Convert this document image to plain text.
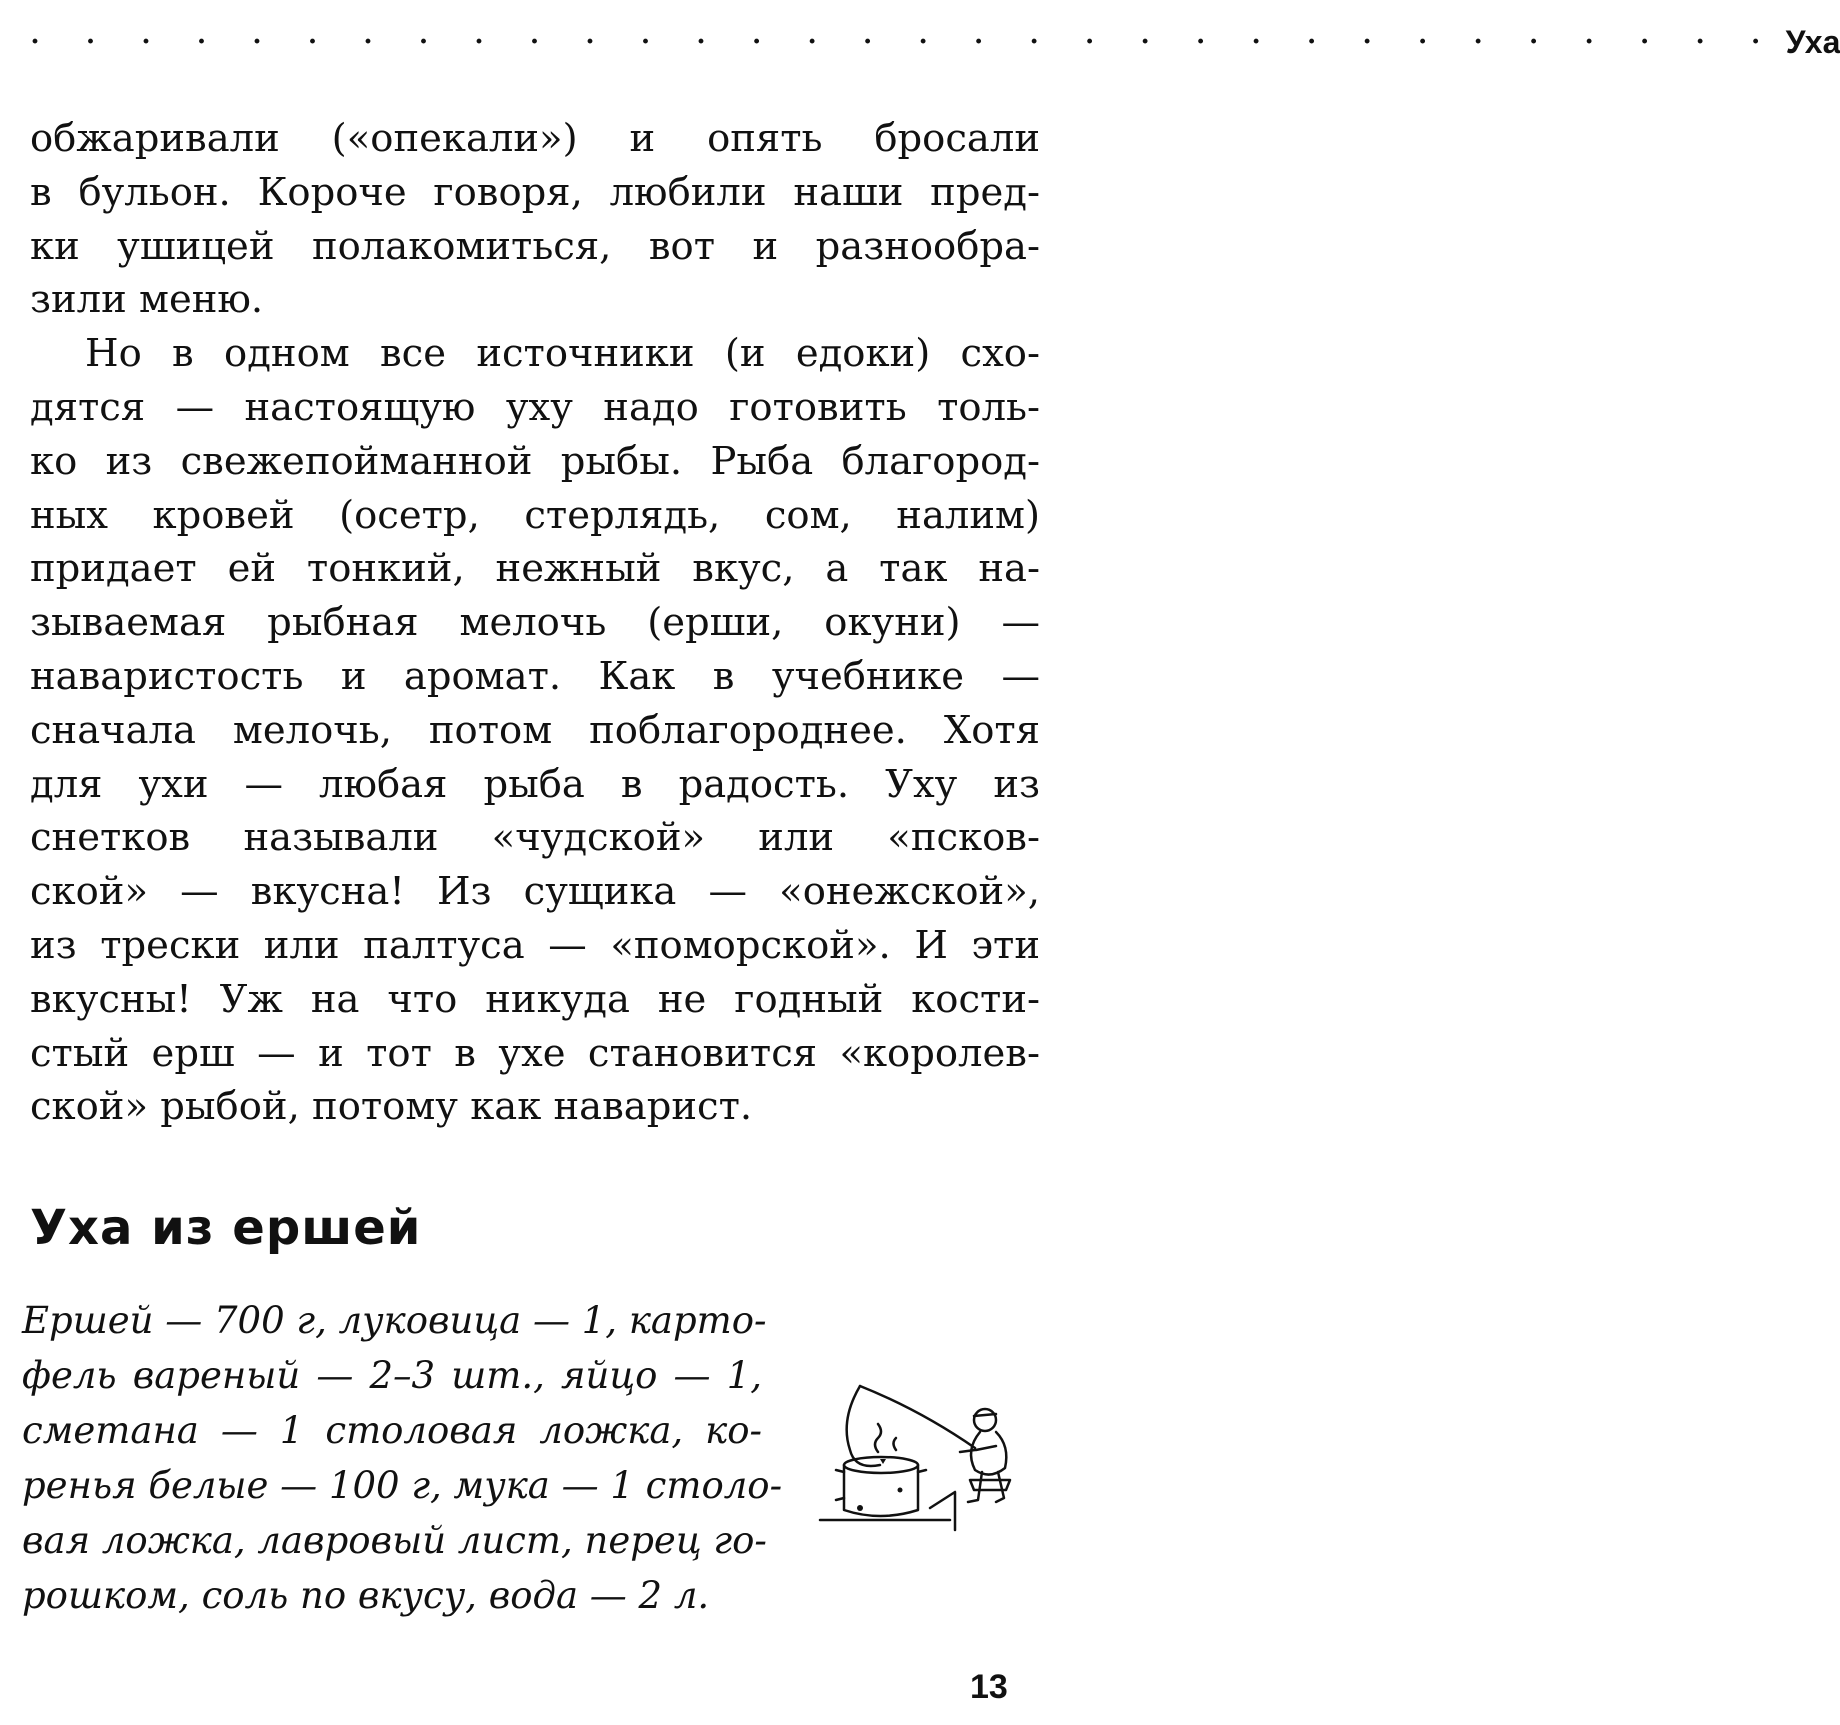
· · · · · · · · · · · · · · · · · · · · · · · · · · · · · · · · Уха
обжаривали («опекали») и опять бросали
в бульон. Короче говоря, любили наши пред-
ки ушицей полакомиться, вот и разнообра-
зили меню.
Но в одном все источники (и едоки) схо-
дятся — настоящую уху надо готовить толь-
ко из свежепойманной рыбы. Рыба благород-
ных кровей (осетр, стерлядь, сом, налим)
придает ей тонкий, нежный вкус, а так на-
зываемая рыбная мелочь (ерши, окуни) —
наваристость и аромат. Как в учебнике —
сначала мелочь, потом поблагороднее. Хотя
для ухи — любая рыба в радость. Уху из
снетков называли «чудской» или «псков-
ской» — вкусна! Из сущика — «онежской»,
из трески или палтуса — «поморской». И эти
вкусны! Уж на что никуда не годный кости-
стый ерш — и тот в ухе становится «королев-
ской» рыбой, потому как наварист.
Уха из ершей
Ершей — 700 г, луковица — 1, карто-
фель вареный — 2–3 шт., яйцо — 1,
сметана — 1 столовая ложка, ко-
ренья белые — 100 г, мука — 1 столо-
вая ложка, лавровый лист, перец го-
рошком, соль по вкусу, вода — 2 л.
13
